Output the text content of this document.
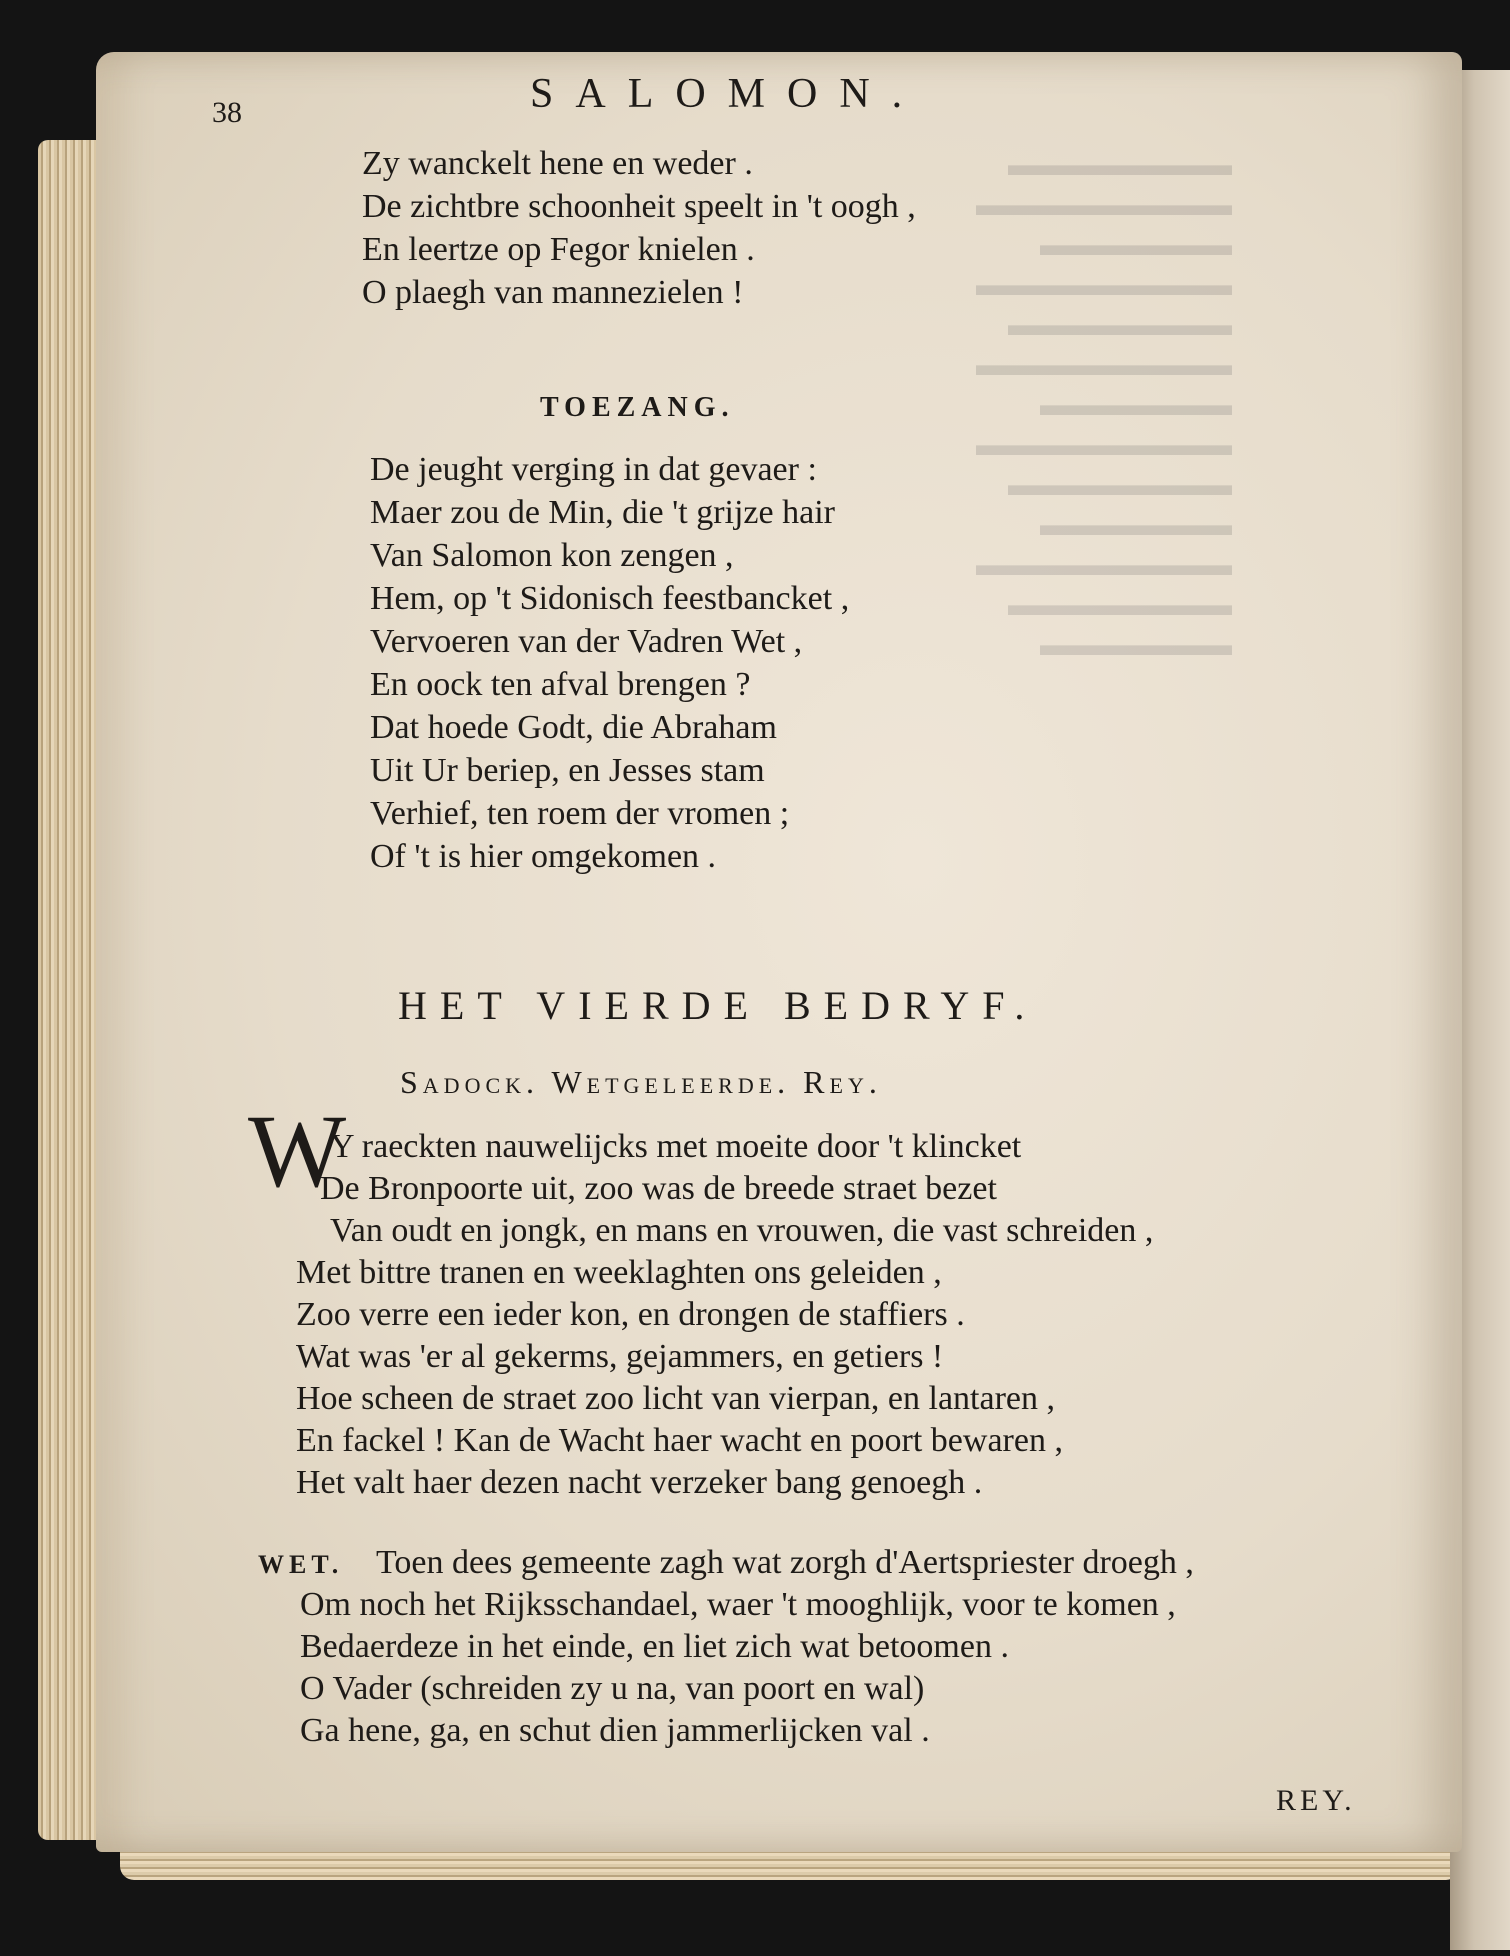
▬▬▬▬▬▬▬
▬▬▬▬▬▬▬▬
▬▬▬▬▬▬
▬▬▬▬▬▬▬▬
▬▬▬▬▬▬▬
▬▬▬▬▬▬▬▬
▬▬▬▬▬▬
▬▬▬▬▬▬▬▬
▬▬▬▬▬▬▬
▬▬▬▬▬▬
▬▬▬▬▬▬▬▬
▬▬▬▬▬▬▬
▬▬▬▬▬▬
38	SALOMON.
Zy wanckelt hene en weder .
De zichtbre schoonheit speelt in 't oogh ,
En leertze op Fegor knielen .
O plaegh van mannezielen !
TOEZANG.
De jeught verging in dat gevaer :
Maer zou de Min, die 't grijze hair
Van Salomon kon zengen ,
Hem, op 't Sidonisch feestbancket ,
Vervoeren van der Vadren Wet ,
En oock ten afval brengen ?
Dat hoede Godt, die Abraham
Uit Ur beriep, en Jesses stam
Verhief, ten roem der vromen ;
Of 't is hier omgekomen .
HET VIERDE BEDRYF.
Sadock. Wetgeleerde. Rey.
W
Y raeckten nauwelijcks met moeite door 't klincket
De Bronpoorte uit, zoo was de breede straet bezet
Van oudt en jongk, en mans en vrouwen, die vast schreiden ,
Met bittre tranen en weeklaghten ons geleiden ,
Zoo verre een ieder kon, en drongen de staffiers .
Wat was 'er al gekerms, gejammers, en getiers !
Hoe scheen de straet zoo licht van vierpan, en lantaren ,
En fackel ! Kan de Wacht haer wacht en poort bewaren ,
Het valt haer dezen nacht verzeker bang genoegh .
WET. Toen dees gemeente zagh wat zorgh d'Aertspriester droegh ,
Om noch het Rijksschandael, waer 't mooghlijk, voor te komen ,
Bedaerdeze in het einde, en liet zich wat betoomen .
O Vader (schreiden zy u na, van poort en wal)
Ga hene, ga, en schut dien jammerlijcken val .
REY.
